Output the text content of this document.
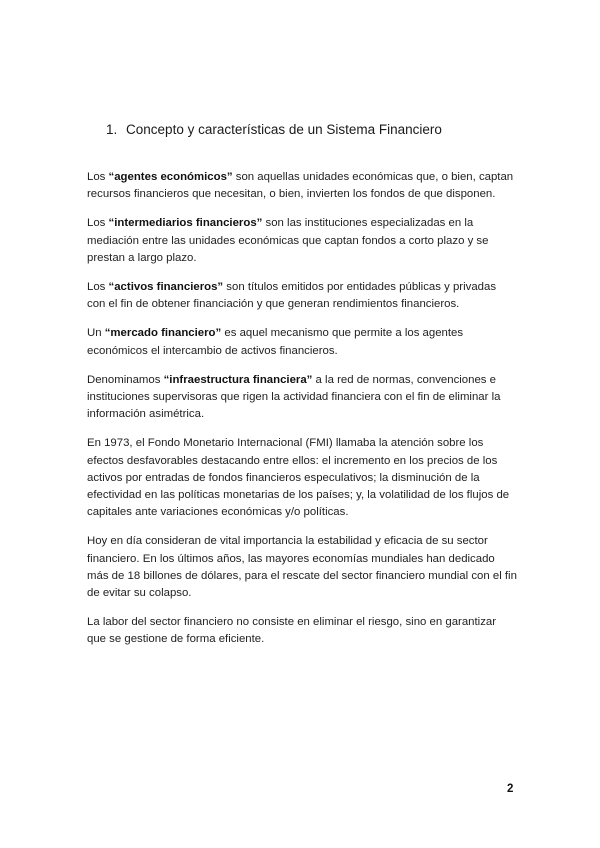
1. Concepto y características de un Sistema Financiero

Los “agentes económicos” son aquellas unidades económicas que, o bien, captan recursos financieros que necesitan, o bien, invierten los fondos de que disponen.

Los “intermediarios financieros” son las instituciones especializadas en la mediación entre las unidades económicas que captan fondos a corto plazo y se prestan a largo plazo.

Los “activos financieros” son títulos emitidos por entidades públicas y privadas con el fin de obtener financiación y que generan rendimientos financieros.

Un “mercado financiero” es aquel mecanismo que permite a los agentes económicos el intercambio de activos financieros.

Denominamos “infraestructura financiera” a la red de normas, convenciones e instituciones supervisoras que rigen la actividad financiera con el fin de eliminar la información asimétrica.

En 1973, el Fondo Monetario Internacional (FMI) llamaba la atención sobre los efectos desfavorables destacando entre ellos: el incremento en los precios de los activos por entradas de fondos financieros especulativos; la disminución de la efectividad en las políticas monetarias de los países; y, la volatilidad de los flujos de capitales ante variaciones económicas y/o políticas.

Hoy en día consideran de vital importancia la estabilidad y eficacia de su sector financiero. En los últimos años, las mayores economías mundiales han dedicado más de 18 billones de dólares, para el rescate del sector financiero mundial con el fin de evitar su colapso.

La labor del sector financiero no consiste en eliminar el riesgo, sino en garantizar que se gestione de forma eficiente.

2
